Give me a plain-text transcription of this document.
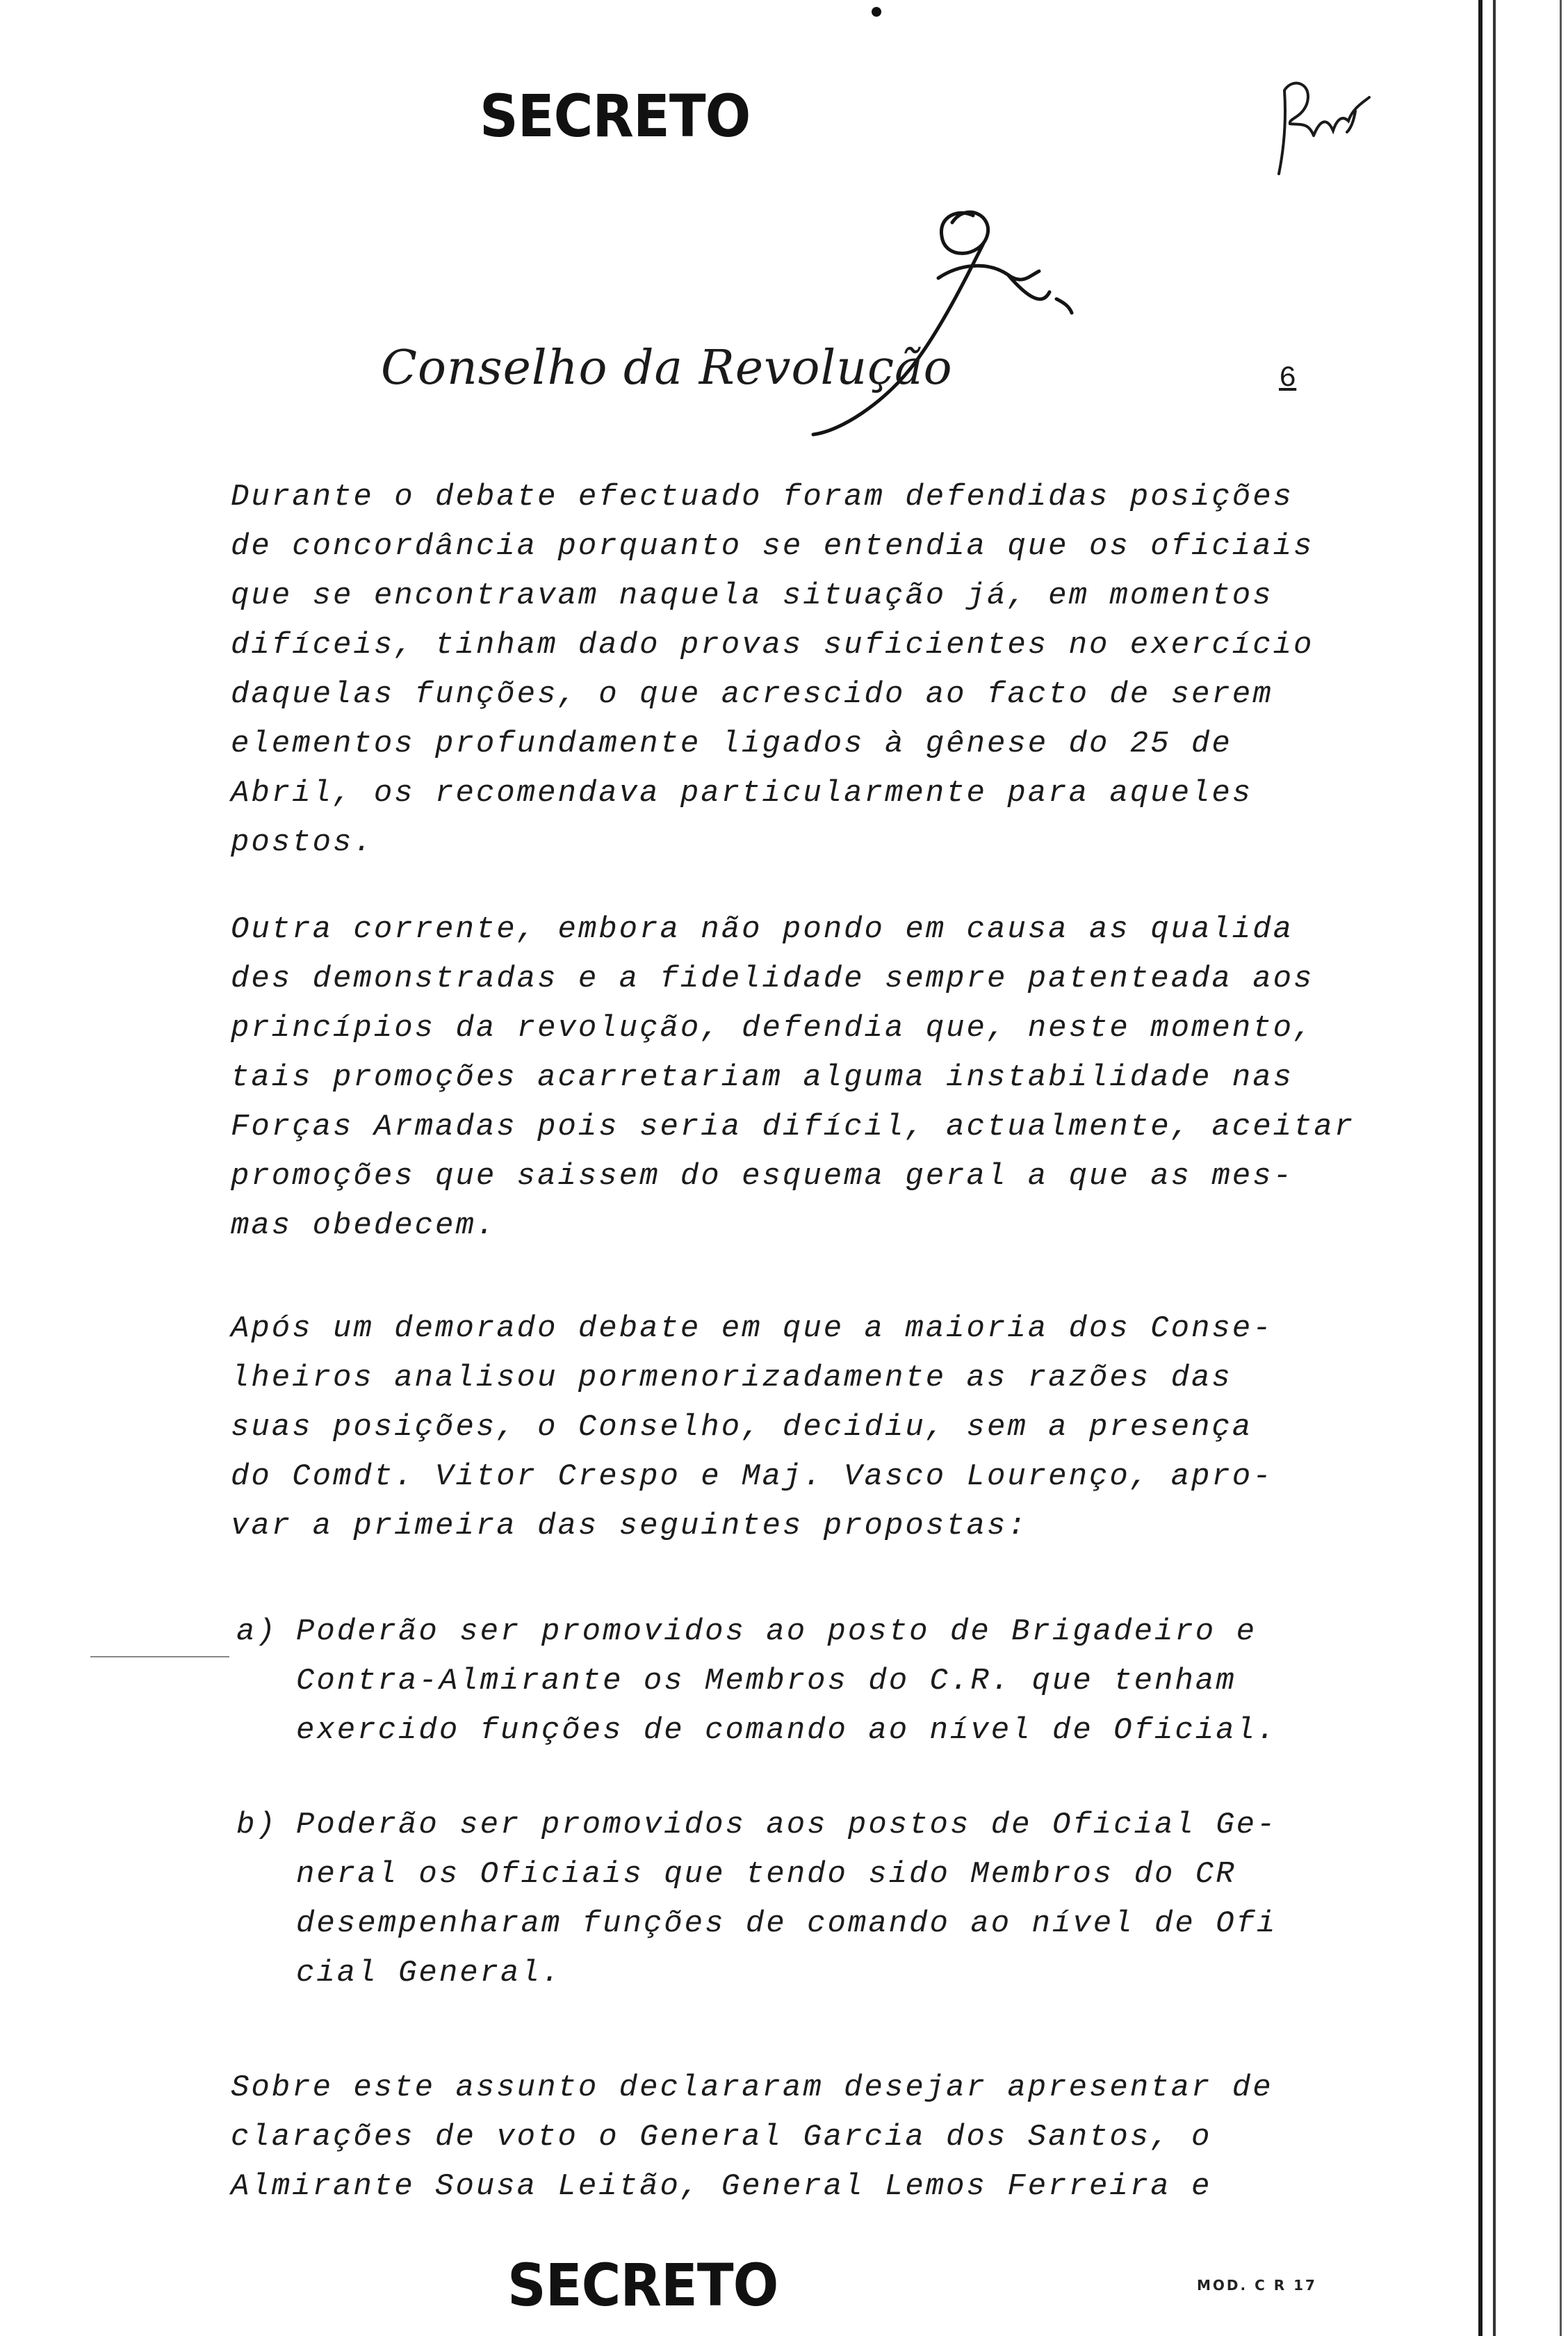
SECRETO
Conselho da Revolução	6
Durante o debate efectuado foram defendidas posições
de concordância porquanto se entendia que os oficiais
que se encontravam naquela situação já, em momentos
difíceis, tinham dado provas suficientes no exercício
daquelas funções, o que acrescido ao facto de serem
elementos profundamente ligados à gênese do 25 de
Abril, os recomendava particularmente para aqueles
postos.
Outra corrente, embora não pondo em causa as qualida
des demonstradas e a fidelidade sempre patenteada aos
princípios da revolução, defendia que, neste momento,
tais promoções acarretariam alguma instabilidade nas
Forças Armadas pois seria difícil, actualmente, aceitar
promoções que saissem do esquema geral a que as mes-
mas obedecem.
Após um demorado debate em que a maioria dos Conse-
lheiros analisou pormenorizadamente as razões das
suas posições, o Conselho, decidiu, sem a presença
do Comdt. Vitor Crespo e Maj. Vasco Lourenço, apro-
var a primeira das seguintes propostas:
a) Poderão ser promovidos ao posto de Brigadeiro e
Contra-Almirante os Membros do C.R. que tenham
exercido funções de comando ao nível de Oficial.
b) Poderão ser promovidos aos postos de Oficial Ge-
neral os Oficiais que tendo sido Membros do CR
desempenharam funções de comando ao nível de Ofi
cial General.
Sobre este assunto declararam desejar apresentar de
clarações de voto o General Garcia dos Santos, o
Almirante Sousa Leitão, General Lemos Ferreira e
SECRETO	MOD. C R 17
